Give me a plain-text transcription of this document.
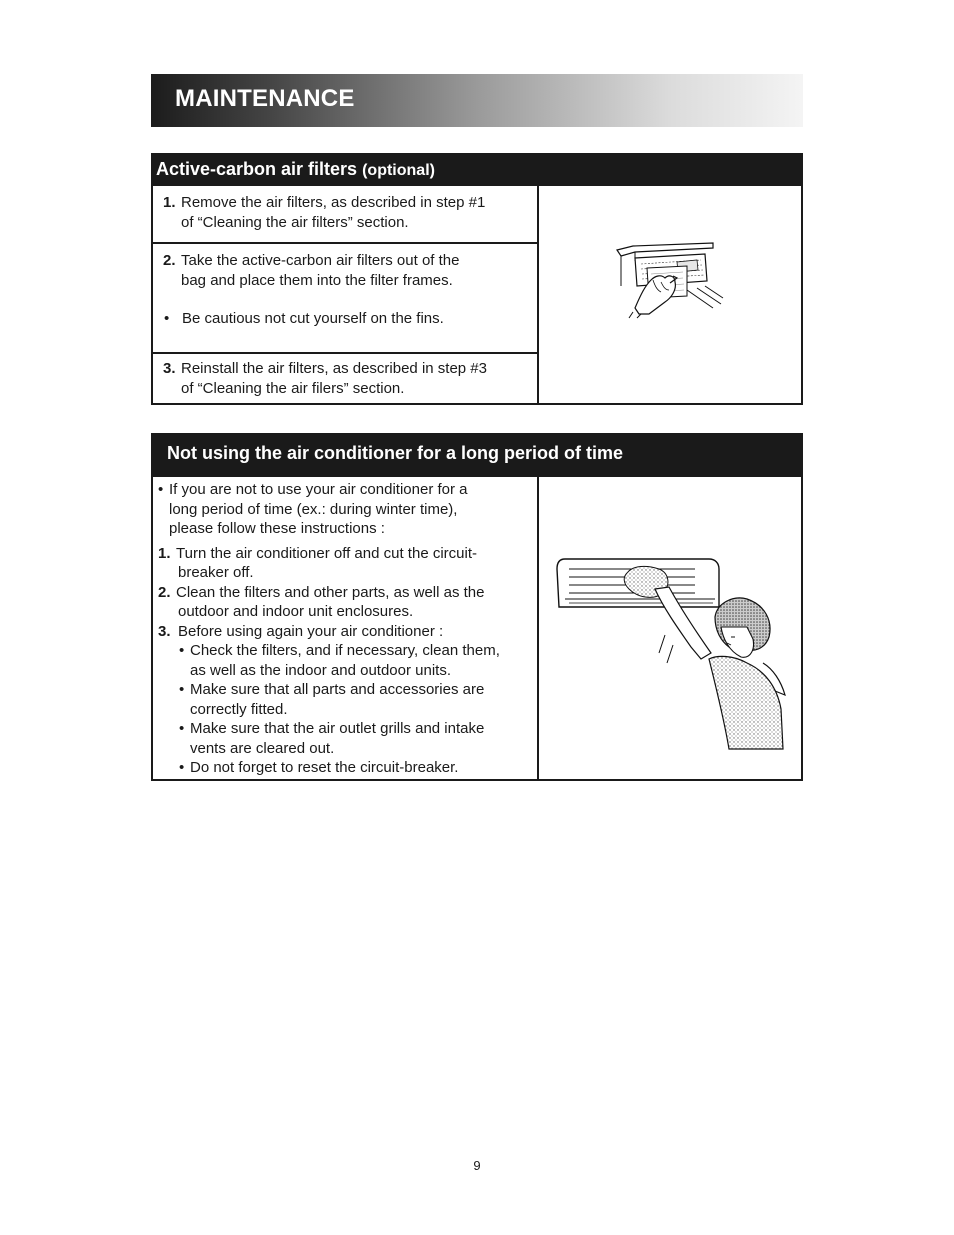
MAINTENANCE
Active-carbon air filters (optional)
1. Remove the air filters, as described in step #1
of “Cleaning the air filters” section.
2. Take the active-carbon air filters out of the
bag and place them into the filter frames.
• Be cautious not cut yourself on the fins.
3. Reinstall the air filters, as described in step #3
of “Cleaning the air filers” section.
Not using the air conditioner for a long period of time
• If you are not to use your air conditioner for a
long period of time (ex.: during winter time),
please follow these instructions :
1. Turn the air conditioner off and cut the circuit-
breaker off.
2. Clean the filters and other parts, as well as the
outdoor and indoor unit enclosures.
3. Before using again your air conditioner :
• Check the filters, and if necessary, clean them,
as well as the indoor and outdoor units.
• Make sure that all parts and accessories are
correctly fitted.
• Make sure that the air outlet grills and intake
vents are cleared out.
• Do not forget to reset the circuit-breaker.
9
